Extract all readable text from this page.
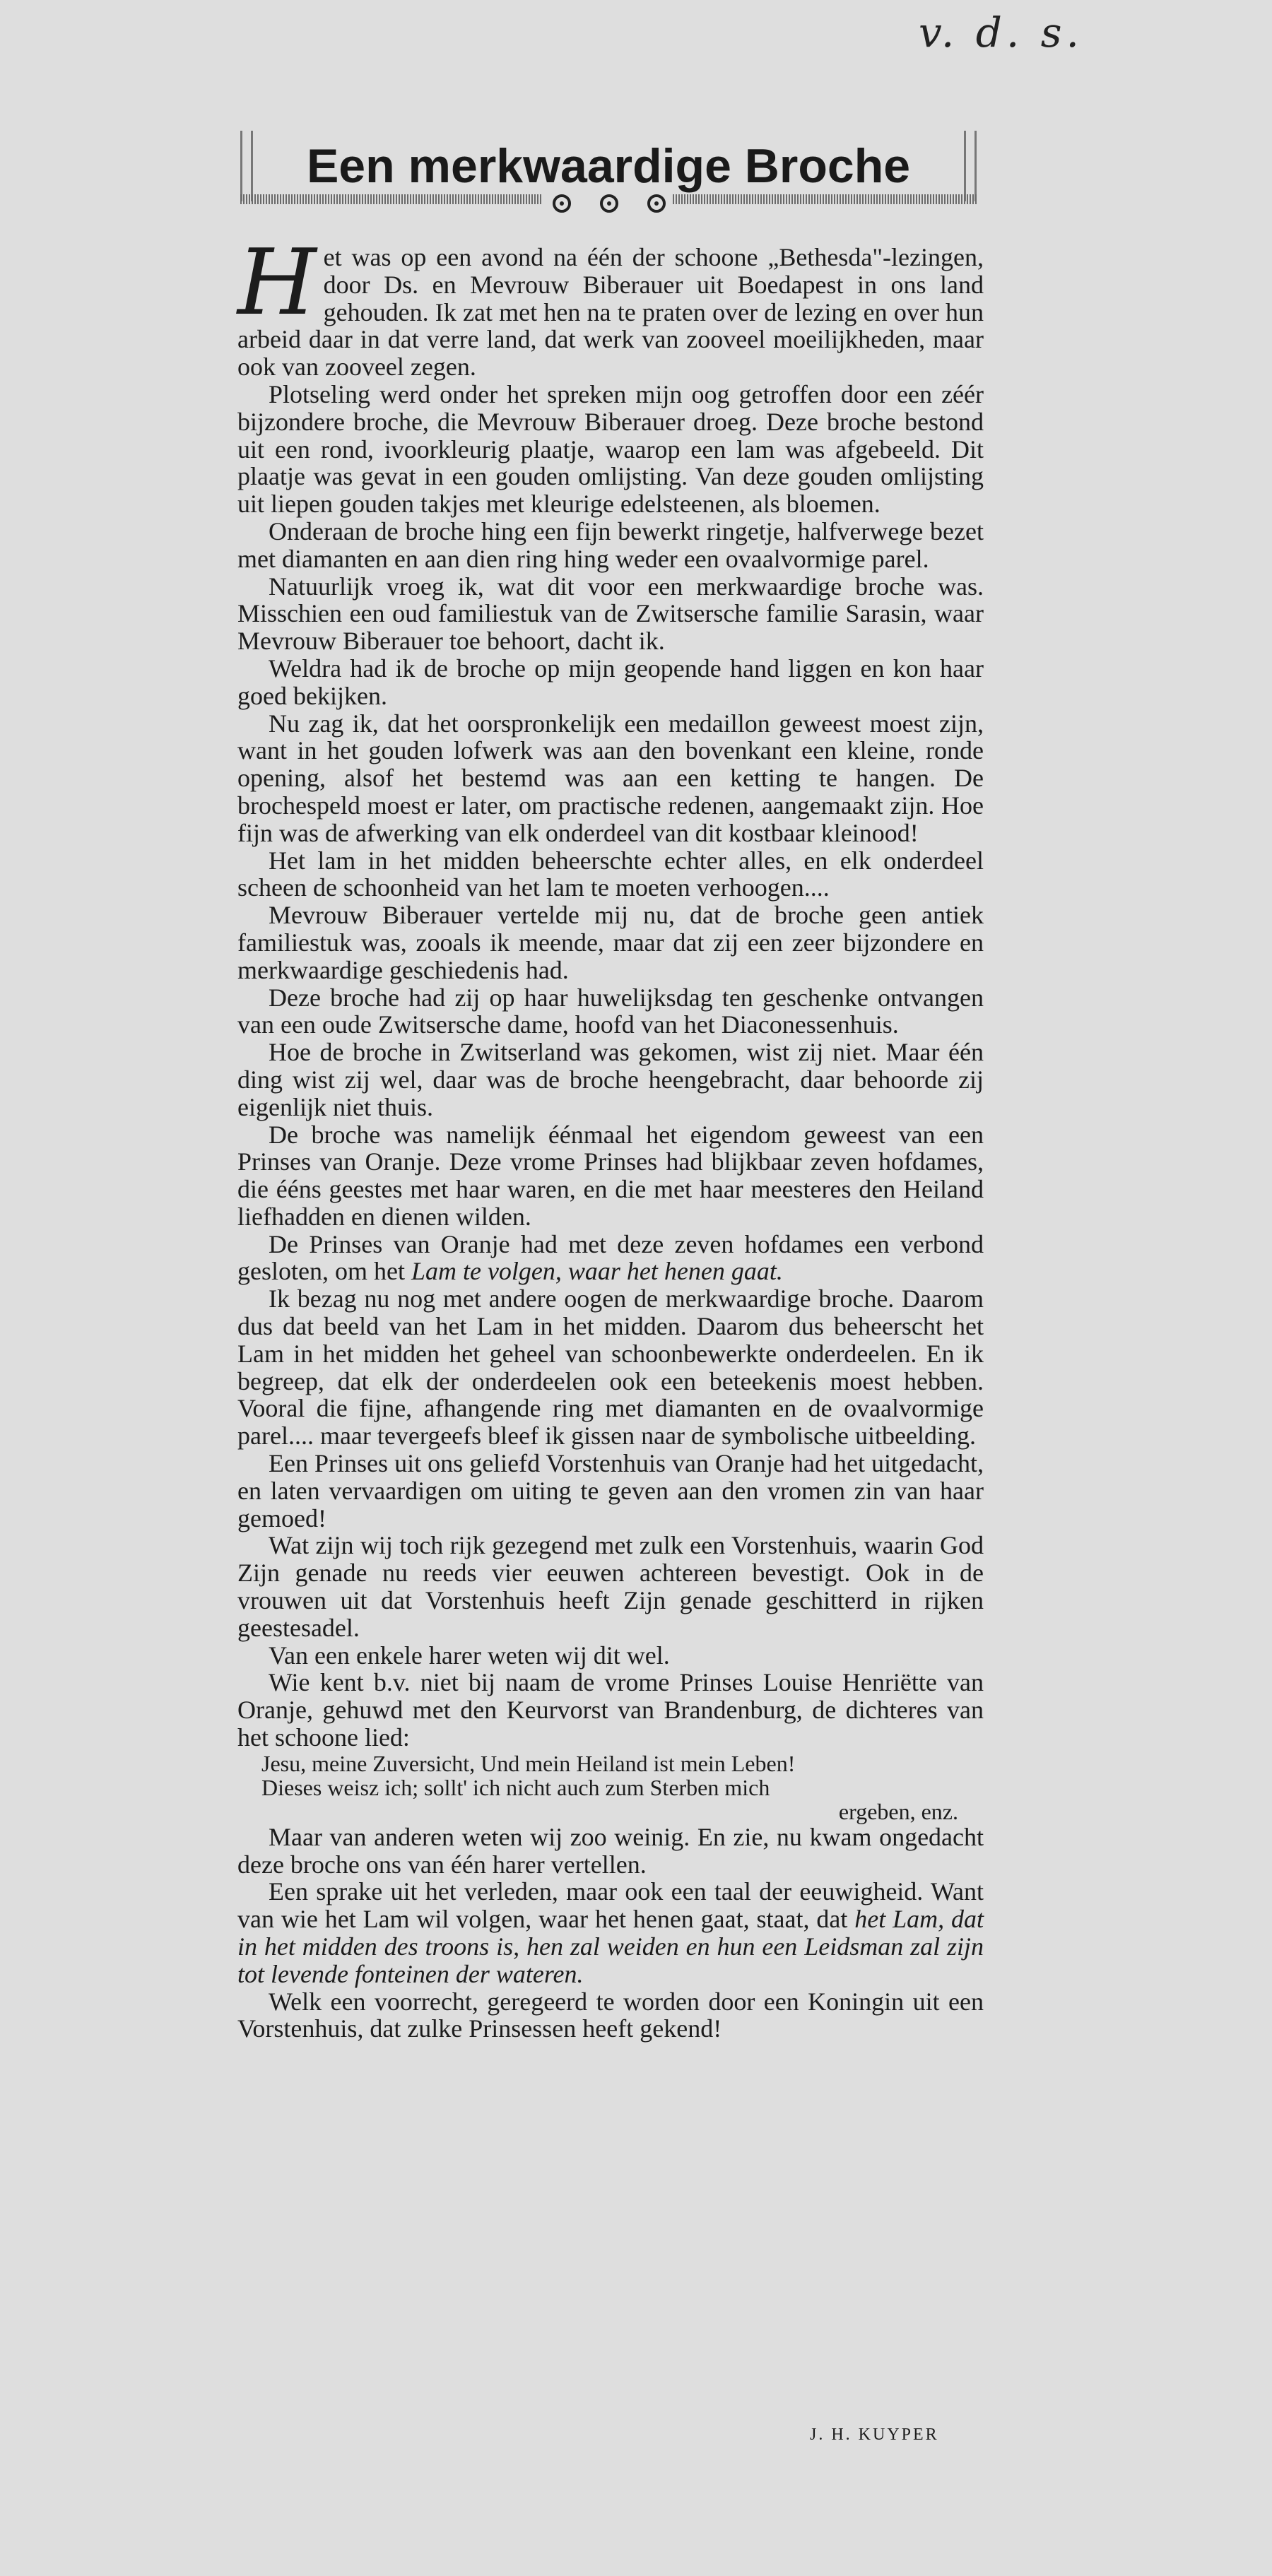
v. d. s.
Een merkwaardige Broche

Het was op een avond na één der schoone „Bethesda"-lezingen, door Ds. en Mevrouw Biberauer uit Boedapest in ons land gehouden. Ik zat met hen na te praten over de lezing en over hun arbeid daar in dat verre land, dat werk van zooveel moeilijkheden, maar ook van zooveel zegen.

Plotseling werd onder het spreken mijn oog getroffen door een zéér bijzondere broche, die Mevrouw Biberauer droeg. Deze broche bestond uit een rond, ivoorkleurig plaatje, waarop een lam was afgebeeld. Dit plaatje was gevat in een gouden omlijsting. Van deze gouden omlijsting uit liepen gouden takjes met kleurige edelsteenen, als bloemen.

Onderaan de broche hing een fijn bewerkt ringetje, halfverwege bezet met diamanten en aan dien ring hing weder een ovaalvormige parel.

Natuurlijk vroeg ik, wat dit voor een merkwaardige broche was. Misschien een oud familiestuk van de Zwitsersche familie Sarasin, waar Mevrouw Biberauer toe behoort, dacht ik.

Weldra had ik de broche op mijn geopende hand liggen en kon haar goed bekijken.

Nu zag ik, dat het oorspronkelijk een medaillon geweest moest zijn, want in het gouden lofwerk was aan den bovenkant een kleine, ronde opening, alsof het bestemd was aan een ketting te hangen. De brochespeld moest er later, om practische redenen, aangemaakt zijn. Hoe fijn was de afwerking van elk onderdeel van dit kostbaar kleinood!

Het lam in het midden beheerschte echter alles, en elk onderdeel scheen de schoonheid van het lam te moeten verhoogen....

Mevrouw Biberauer vertelde mij nu, dat de broche geen antiek familiestuk was, zooals ik meende, maar dat zij een zeer bijzondere en merkwaardige geschiedenis had.

Deze broche had zij op haar huwelijksdag ten geschenke ontvangen van een oude Zwitsersche dame, hoofd van het Diaconessenhuis.

Hoe de broche in Zwitserland was gekomen, wist zij niet. Maar één ding wist zij wel, daar was de broche heengebracht, daar behoorde zij eigenlijk niet thuis.

De broche was namelijk éénmaal het eigendom geweest van een Prinses van Oranje. Deze vrome Prinses had blijkbaar zeven hofdames, die ééns geestes met haar waren, en die met haar meesteres den Heiland liefhadden en dienen wilden.

De Prinses van Oranje had met deze zeven hofdames een verbond gesloten, om het Lam te volgen, waar het henen gaat.

Ik bezag nu nog met andere oogen de merkwaardige broche. Daarom dus dat beeld van het Lam in het midden. Daarom dus beheerscht het Lam in het midden het geheel van schoonbewerkte onderdeelen. En ik begreep, dat elk der onderdeelen ook een beteekenis moest hebben. Vooral die fijne, afhangende ring met diamanten en de ovaalvormige parel.... maar tevergeefs bleef ik gissen naar de symbolische uitbeelding.

Een Prinses uit ons geliefd Vorstenhuis van Oranje had het uitgedacht, en laten vervaardigen om uiting te geven aan den vromen zin van haar gemoed!

Wat zijn wij toch rijk gezegend met zulk een Vorstenhuis, waarin God Zijn genade nu reeds vier eeuwen achtereen bevestigt. Ook in de vrouwen uit dat Vorstenhuis heeft Zijn genade geschitterd in rijken geestesadel.

Van een enkele harer weten wij dit wel.

Wie kent b.v. niet bij naam de vrome Prinses Louise Henriëtte van Oranje, gehuwd met den Keurvorst van Brandenburg, de dichteres van het schoone lied:

Jesu, meine Zuversicht, Und mein Heiland ist mein Leben!
Dieses weisz ich; sollt' ich nicht auch zum Sterben mich
ergeben, enz.

Maar van anderen weten wij zoo weinig. En zie, nu kwam ongedacht deze broche ons van één harer vertellen.

Een sprake uit het verleden, maar ook een taal der eeuwigheid. Want van wie het Lam wil volgen, waar het henen gaat, staat, dat het Lam, dat in het midden des troons is, hen zal weiden en hun een Leidsman zal zijn tot levende fonteinen der wateren.

Welk een voorrecht, geregeerd te worden door een Koningin uit een Vorstenhuis, dat zulke Prinsessen heeft gekend!

J. H. KUYPER
